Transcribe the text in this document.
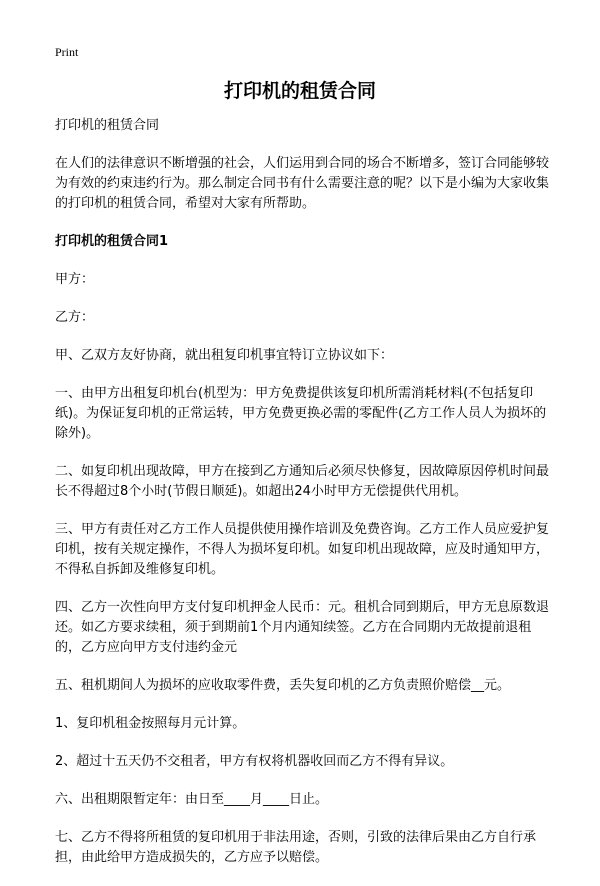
Print
打印机的租赁合同

打印机的租赁合同

在人们的法律意识不断增强的社会，人们运用到合同的场合不断增多，签订合同能够较为有效的约束违约行为。那么制定合同书有什么需要注意的呢？以下是小编为大家收集的打印机的租赁合同，希望对大家有所帮助。

打印机的租赁合同1

甲方：

乙方：

甲、乙双方友好协商，就出租复印机事宜特订立协议如下：

一、由甲方出租复印机台(机型为：甲方免费提供该复印机所需消耗材料(不包括复印纸)。为保证复印机的正常运转，甲方免费更换必需的零配件(乙方工作人员人为损坏的除外)。

二、如复印机出现故障，甲方在接到乙方通知后必须尽快修复，因故障原因停机时间最长不得超过8个小时(节假日顺延)。如超出24小时甲方无偿提供代用机。

三、甲方有责任对乙方工作人员提供使用操作培训及免费咨询。乙方工作人员应爱护复印机，按有关规定操作，不得人为损坏复印机。如复印机出现故障，应及时通知甲方，不得私自拆卸及维修复印机。

四、乙方一次性向甲方支付复印机押金人民币：元。租机合同到期后，甲方无息原数退还。如乙方要求续租，须于到期前1个月内通知续签。乙方在合同期内无故提前退租的，乙方应向甲方支付违约金元

五、租机期间人为损坏的应收取零件费，丢失复印机的乙方负责照价赔偿__元。

1、复印机租金按照每月元计算。

2、超过十五天仍不交租者，甲方有权将机器收回而乙方不得有异议。

六、出租期限暂定年：由日至____月____日止。

七、乙方不得将所租赁的复印机用于非法用途，否则，引致的法律后果由乙方自行承担，由此给甲方造成损失的，乙方应予以赔偿。
